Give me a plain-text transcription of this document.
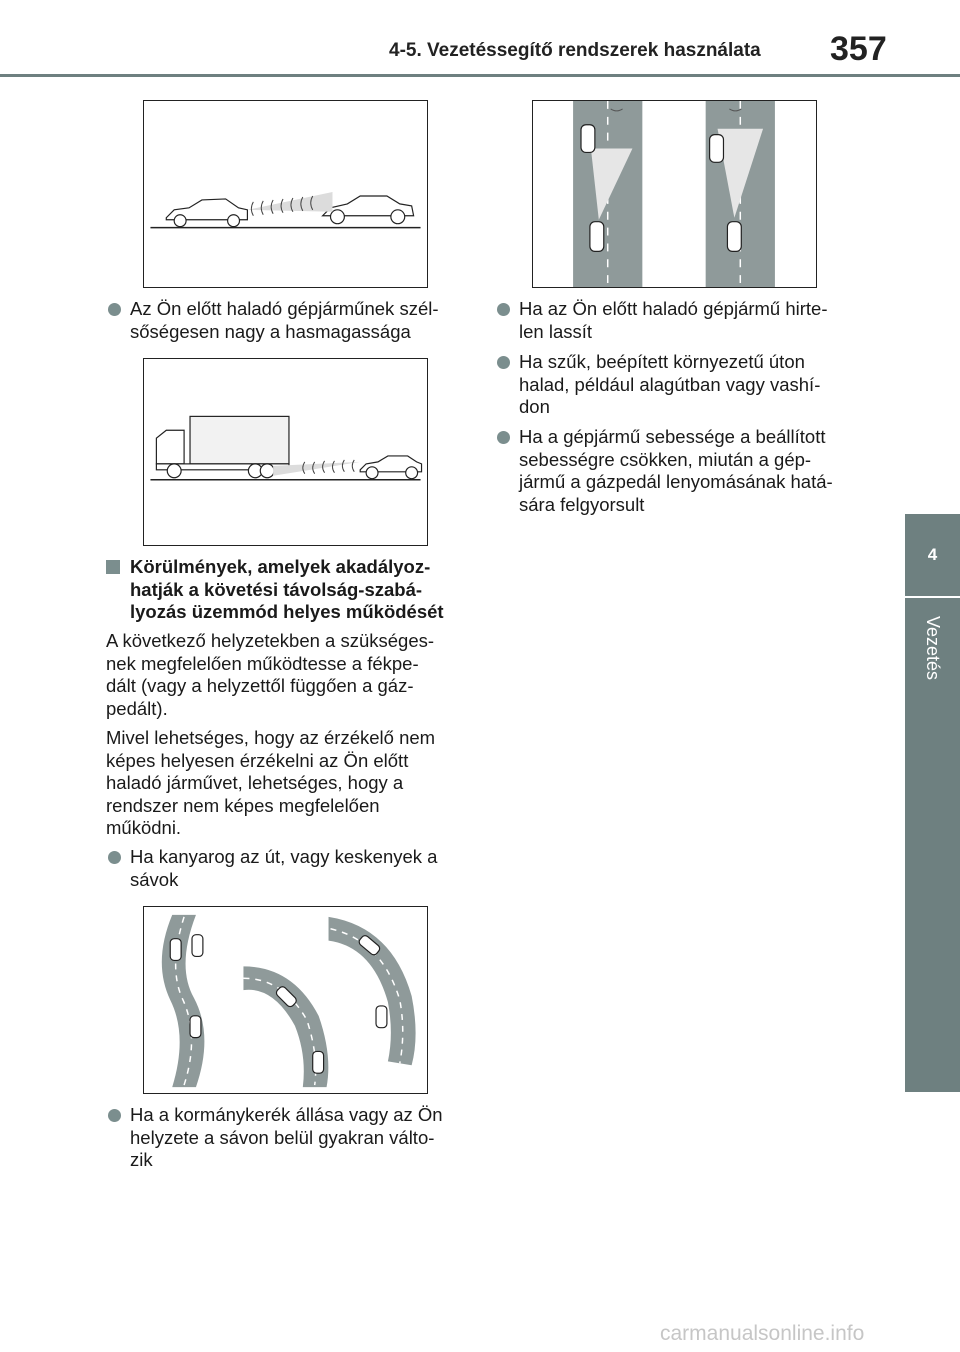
4-5. Vezetéssegítő rendszerek használata 357
4
Vezetés
Az Ön előtt haladó gépjárműnek szél-
sőségesen nagy a hasmagassága
Körülmények, amelyek akadályoz-
hatják a követési távolság-szabá-
lyozás üzemmód helyes működését
A következő helyzetekben a szükséges-
nek megfelelően működtesse a fékpe-
dált (vagy a helyzettől függően a gáz-
pedált).
Mivel lehetséges, hogy az érzékelő nem
képes helyesen érzékelni az Ön előtt
haladó járművet, lehetséges, hogy a
rendszer nem képes megfelelően
működni.
Ha kanyarog az út, vagy keskenyek a
sávok
Ha a kormánykerék állása vagy az Ön
helyzete a sávon belül gyakran válto-
zik
Ha az Ön előtt haladó gépjármű hirte-
len lassít
Ha szűk, beépített környezetű úton
halad, például alagútban vagy vashí-
don
Ha a gépjármű sebessége a beállított
sebességre csökken, miután a gép-
jármű a gázpedál lenyomásának hatá-
sára felgyorsult
carmanualsonline.info
